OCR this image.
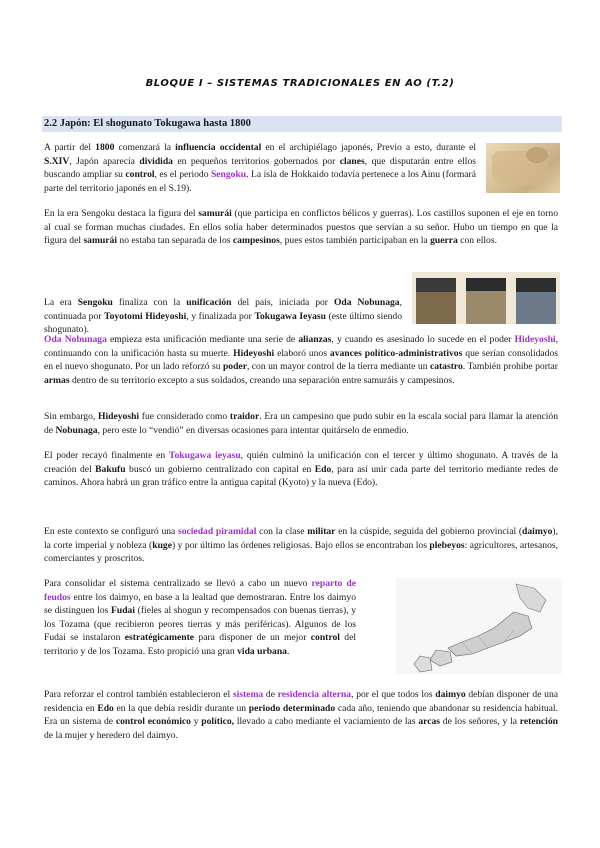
BLOQUE I – SISTEMAS TRADICIONALES EN AO (T.2)
2.2 Japón: El shogunato Tokugawa hasta 1800

A partir del 1800 comenzará la influencia occidental en el archipiélago japonés, Previo a esto, durante el S.XIV, Japón aparecía dividida en pequeños territorios gobernados por clanes, que disputarán entre ellos buscando ampliar su control, es el periodo Sengoku. La isla de Hokkaido todavía pertenece a los Ainu (formará parte del territorio japonés en el S.19).

En la era Sengoku destaca la figura del samurái (que participa en conflictos bélicos y guerras). Los castillos suponen el eje en torno al cual se forman muchas ciudades. En ellos solía haber determinados puestos que servían a su señor. Hubo un tiempo en que la figura del samurái no estaba tan separada de los campesinos, pues estos también participaban en la guerra con ellos.

La era Sengoku finaliza con la unificación del país, iniciada por Oda Nobunaga, continuada por Toyotomi Hideyoshi, y finalizada por Tokugawa Ieyasu (este último siendo shogunato).

Oda Nobunaga empieza esta unificación mediante una serie de alianzas, y cuando es asesinado lo sucede en el poder Hideyoshi, continuando con la unificación hasta su muerte. Hideyoshi elaboró unos avances político-administrativos que serían consolidados en el nuevo shogunato. Por un lado reforzó su poder, con un mayor control de la tierra mediante un catastro. También prohibe portar armas dentro de su territorio excepto a sus soldados, creando una separación entre samuráis y campesinos.

Sin embargo, Hideyoshi fue considerado como traidor. Era un campesino que pudo subir en la escala social para llamar la atención de Nobunaga, pero este lo “vendió” en diversas ocasiones para intentar quitárselo de enmedio.

El poder recayó finalmente en Tokugawa ieyasu, quién culminó la unificación con el tercer y último shogunato. A través de la creación del Bakufu buscó un gobierno centralizado con capital en Edo, para así unir cada parte del territorio mediante redes de caminos. Ahora habrá un gran tráfico entre la antigua capital (Kyoto) y la nueva (Edo).

En este contexto se configuró una sociedad piramidal con la clase militar en la cúspide, seguida del gobierno provincial (daimyo), la corte imperial y nobleza (kuge) y por último las órdenes religiosas. Bajo ellos se encontraban los plebeyos: agricultores, artesanos, comerciantes y proscritos.

Para consolidar el sistema centralizado se llevó a cabo un nuevo reparto de feudos entre los daimyo, en base a la lealtad que demostraran. Entre los daimyo se distinguen los Fudai (fieles al shogun y recompensados con buenas tierras), y los Tozama (que recibieron peores tierras y más periféricas). Algunos de los Fudai se instalaron estratégicamente para disponer de un mejor control del territorio y de los Tozama. Esto propició una gran vida urbana.

Para reforzar el control también establecieron el sistema de residencia alterna, por el que todos los daimyo debían disponer de una residencia en Edo en la que debía residir durante un periodo determinado cada año, teniendo que abandonar su residencia habitual. Era un sistema de control económico y político, llevado a cabo mediante el vaciamiento de las arcas de los señores, y la retención de la mujer y heredero del daimyo.
